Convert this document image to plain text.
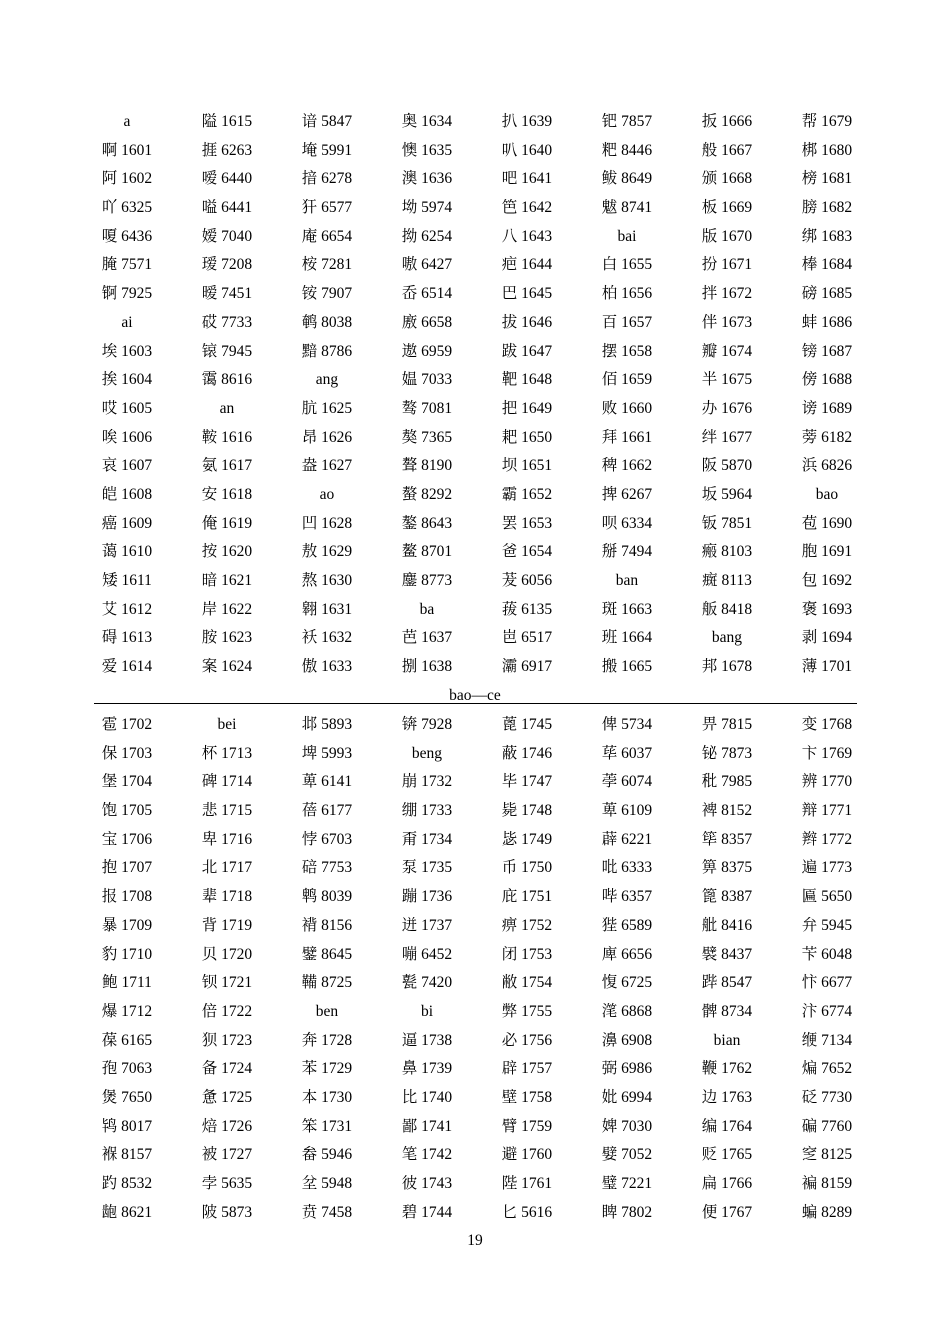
a	隘 1615	谙 5847	奥 1634	扒 1639	钯 7857	扳 1666	帮 1679
啊 1601	捱 6263	埯 5991	懊 1635	叭 1640	粑 8446	般 1667	梆 1680
阿 1602	嗳 6440	揞 6278	澳 1636	吧 1641	鲅 8649	颁 1668	榜 1681
吖 6325	嗌 6441	犴 6577	坳 5974	笆 1642	魃 8741	板 1669	膀 1682
嗄 6436	嫒 7040	庵 6654	拗 6254	八 1643	bai	版 1670	绑 1683
腌 7571	瑷 7208	桉 7281	嗷 6427	疤 1644	白 1655	扮 1671	棒 1684
锕 7925	暧 7451	铵 7907	岙 6514	巴 1645	柏 1656	拌 1672	磅 1685
ai	砹 7733	鹌 8038	廒 6658	拔 1646	百 1657	伴 1673	蚌 1686
埃 1603	锿 7945	黯 8786	遨 6959	跋 1647	摆 1658	瓣 1674	镑 1687
挨 1604	霭 8616	ang	媪 7033	靶 1648	佰 1659	半 1675	傍 1688
哎 1605	an	肮 1625	骜 7081	把 1649	败 1660	办 1676	谤 1689
唉 1606	鞍 1616	昂 1626	獒 7365	耙 1650	拜 1661	绊 1677	蒡 6182
哀 1607	氨 1617	盎 1627	聱 8190	坝 1651	稗 1662	阪 5870	浜 6826
皑 1608	安 1618	ao	螯 8292	霸 1652	捭 6267	坂 5964	bao
癌 1609	俺 1619	凹 1628	鏊 8643	罢 1653	呗 6334	钣 7851	苞 1690
蔼 1610	按 1620	敖 1629	鳌 8701	爸 1654	掰 7494	瘢 8103	胞 1691
矮 1611	暗 1621	熬 1630	鏖 8773	茇 6056	ban	癍 8113	包 1692
艾 1612	岸 1622	翱 1631	ba	菝 6135	斑 1663	舨 8418	褒 1693
碍 1613	胺 1623	袄 1632	芭 1637	岜 6517	班 1664	bang	剥 1694
爱 1614	案 1624	傲 1633	捌 1638	灞 6917	搬 1665	邦 1678	薄 1701
bao—ce
雹 1702	bei	邶 5893	锛 7928	蓖 1745	俾 5734	畀 7815	变 1768
保 1703	杯 1713	埤 5993	beng	蔽 1746	荜 6037	铋 7873	卞 1769
堡 1704	碑 1714	萆 6141	崩 1732	毕 1747	荸 6074	秕 7985	辨 1770
饱 1705	悲 1715	蓓 6177	绷 1733	毙 1748	萆 6109	裨 8152	辩 1771
宝 1706	卑 1716	悖 6703	甭 1734	毖 1749	薜 6221	筚 8357	辫 1772
抱 1707	北 1717	碚 7753	泵 1735	币 1750	吡 6333	箅 8375	遍 1773
报 1708	辈 1718	鹎 8039	蹦 1736	庇 1751	哔 6357	篦 8387	匾 5650
暴 1709	背 1719	褙 8156	迸 1737	痹 1752	狴 6589	舭 8416	弁 5945
豹 1710	贝 1720	鐾 8645	嘣 6452	闭 1753	庳 6656	襞 8437	苄 6048
鲍 1711	钡 1721	鞴 8725	甏 7420	敝 1754	愎 6725	跸 8547	忭 6677
爆 1712	倍 1722	ben	bi	弊 1755	滗 6868	髀 8734	汴 6774
葆 6165	狈 1723	奔 1728	逼 1738	必 1756	濞 6908	bian	缏 7134
孢 7063	备 1724	苯 1729	鼻 1739	辟 1757	弼 6986	鞭 1762	煸 7652
煲 7650	惫 1725	本 1730	比 1740	壁 1758	妣 6994	边 1763	砭 7730
鸨 8017	焙 1726	笨 1731	鄙 1741	臂 1759	婢 7030	编 1764	碥 7760
褓 8157	被 1727	畚 5946	笔 1742	避 1760	嬖 7052	贬 1765	窆 8125
趵 8532	孛 5635	坌 5948	彼 1743	陛 1761	璧 7221	扁 1766	褊 8159
龅 8621	陂 5873	贲 7458	碧 1744	匕 5616	睥 7802	便 1767	蝙 8289
19
